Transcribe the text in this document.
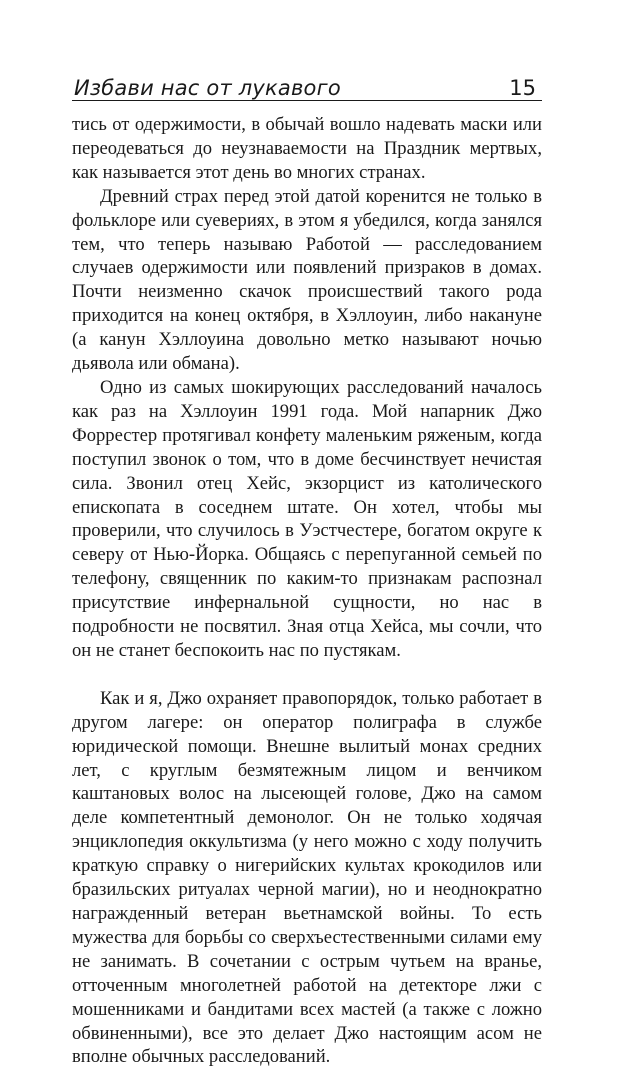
Избави нас от лукавого	15

тись от одержимости, в обычай вошло надевать маски или переодеваться до неузнаваемости на Праздник мертвых, как называется этот день во многих странах.

Древний страх перед этой датой коренится не только в фольклоре или суевериях, в этом я убедился, когда занялся тем, что теперь называю Работой — расследованием случаев одержимости или появлений призраков в домах. Почти неизменно скачок происшествий такого рода приходится на конец октября, в Хэллоуин, либо накануне (а канун Хэллоуина довольно метко называют ночью дьявола или обмана).

Одно из самых шокирующих расследований началось как раз на Хэллоуин 1991 года. Мой напарник Джо Форрестер протягивал конфету маленьким ряженым, когда поступил звонок о том, что в доме бесчинствует нечистая сила. Звонил отец Хейс, экзорцист из католического епископата в соседнем штате. Он хотел, чтобы мы проверили, что случилось в Уэстчестере, богатом округе к северу от Нью-Йорка. Общаясь с перепуганной семьей по телефону, священник по каким-то признакам распознал присутствие инфернальной сущности, но нас в подробности не посвятил. Зная отца Хейса, мы сочли, что он не станет беспокоить нас по пустякам.

Как и я, Джо охраняет правопорядок, только работает в другом лагере: он оператор полиграфа в службе юридической помощи. Внешне вылитый монах средних лет, с круглым безмятежным лицом и венчиком каштановых волос на лысеющей голове, Джо на самом деле компетентный демонолог. Он не только ходячая энциклопедия оккультизма (у него можно с ходу получить краткую справку о нигерийских культах крокодилов или бразильских ритуалах черной магии), но и неоднократно награжденный ветеран вьетнамской войны. То есть мужества для борьбы со сверхъестественными силами ему не занимать. В сочетании с острым чутьем на вранье, отточенным многолетней работой на детекторе лжи с мошенниками и бандитами всех мастей (а также с ложно обвиненными), все это делает Джо настоящим асом не вполне обычных расследований.
